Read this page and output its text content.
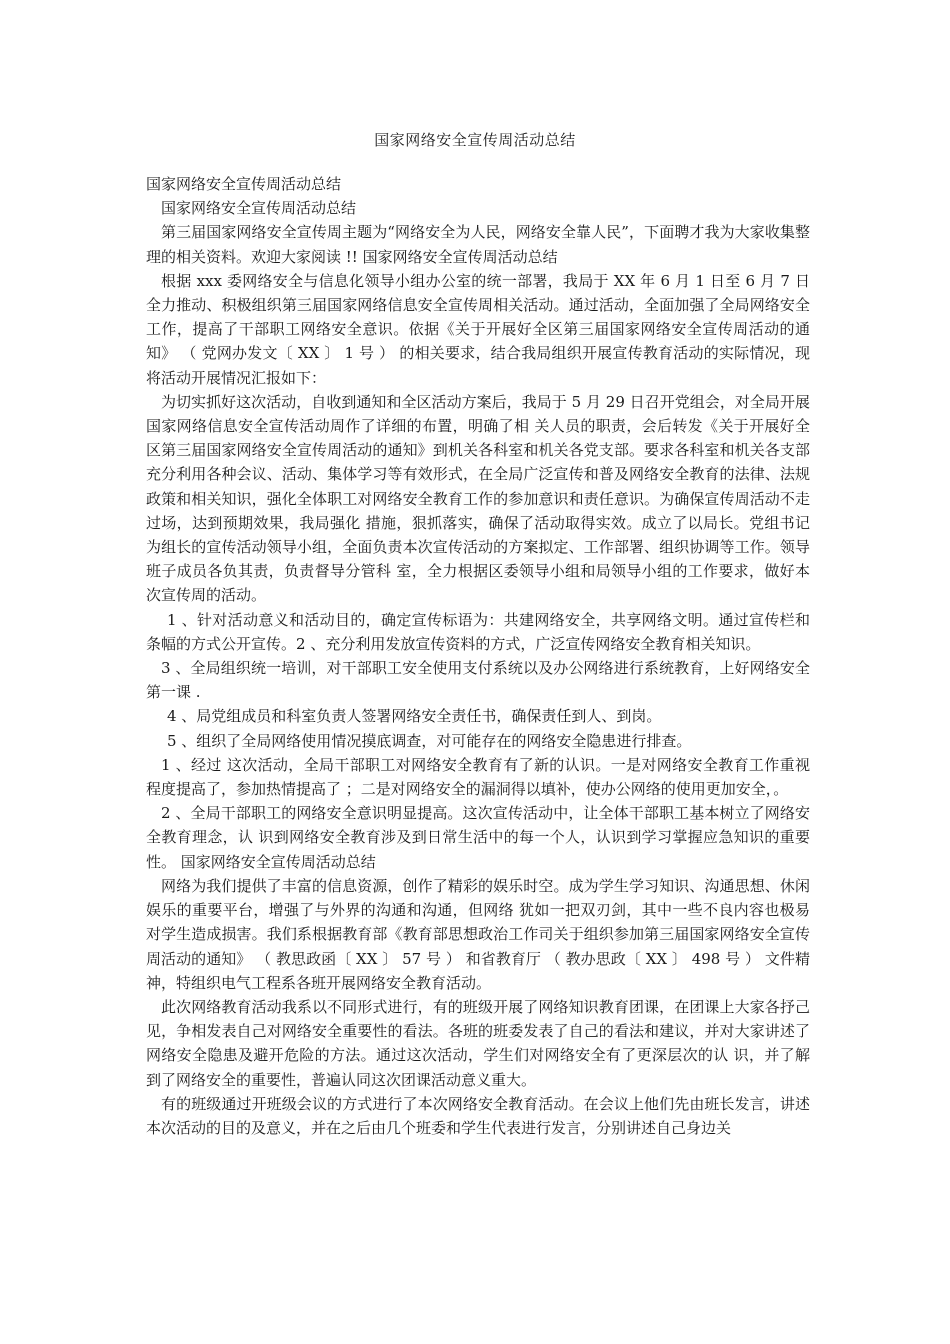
国家网络安全宣传周活动总结

国家网络安全宣传周活动总结

国家网络安全宣传周活动总结

第三届国家网络安全宣传周主题为“网络安全为人民，网络安全靠人民”，下面聘才我为大家收集整理的相关资料。欢迎大家阅读 !! 国家网络安全宣传周活动总结

根据 xxx 委网络安全与信息化领导小组办公室的统一部署，我局于 XX 年 6 月 1 日至 6 月 7 日全力推动、积极组织第三届国家网络信息安全宣传周相关活动。通过活动，全面加强了全局网络安全工作，提高了干部职工网络安全意识。依据《关于开展好全区第三届国家网络安全宣传周活动的通知》 （ 党网办发文〔 XX 〕 1 号 ） 的相关要求，结合我局组织开展宣传教育活动的实际情况，现将活动开展情况汇报如下：

为切实抓好这次活动，自收到通知和全区活动方案后，我局于 5 月 29 日召开党组会，对全局开展国家网络信息安全宣传活动周作了详细的布置，明确了相 关人员的职责，会后转发《关于开展好全区第三届国家网络安全宣传周活动的通知》到机关各科室和机关各党支部。要求各科室和机关各支部充分利用各种会议、活动、集体学习等有效形式，在全局广泛宣传和普及网络安全教育的法律、法规政策和相关知识，强化全体职工对网络安全教育工作的参加意识和责任意识。为确保宣传周活动不走过场，达到预期效果，我局强化 措施，狠抓落实，确保了活动取得实效。成立了以局长。党组书记为组长的宣传活动领导小组，全面负责本次宣传活动的方案拟定、工作部署、组织协调等工作。领导班子成员各负其责，负责督导分管科 室，全力根据区委领导小组和局领导小组的工作要求，做好本次宣传周的活动。

1 、针对活动意义和活动目的，确定宣传标语为：共建网络安全，共享网络文明。通过宣传栏和条幅的方式公开宣传。2 、充分利用发放宣传资料的方式，广泛宣传网络安全教育相关知识。

3 、全局组织统一培训，对干部职工安全使用支付系统以及办公网络进行系统教育，上好网络安全第一课 .

4 、局党组成员和科室负责人签署网络安全责任书，确保责任到人、到岗。

5 、组织了全局网络使用情况摸底调查，对可能存在的网络安全隐患进行排查。

1 、经过 这次活动，全局干部职工对网络安全教育有了新的认识。一是对网络安全教育工作重视程度提高了，参加热情提高了 ；二是对网络安全的漏洞得以填补，使办公网络的使用更加安全，。

2 、全局干部职工的网络安全意识明显提高。这次宣传活动中，让全体干部职工基本树立了网络安全教育理念，认 识到网络安全教育涉及到日常生活中的每一个人，认识到学习掌握应急知识的重要性。 国家网络安全宣传周活动总结

网络为我们提供了丰富的信息资源，创作了精彩的娱乐时空。成为学生学习知识、沟通思想、休闲娱乐的重要平台，增强了与外界的沟通和沟通，但网络 犹如一把双刃剑，其中一些不良内容也极易对学生造成损害。我们系根据教育部《教育部思想政治工作司关于组织参加第三届国家网络安全宣传周活动的通知》 （ 教思政函〔 XX 〕 57 号 ） 和省教育厅 （ 教办思政〔 XX 〕 498 号 ） 文件精神，特组织电气工程系各班开展网络安全教育活动。

此次网络教育活动我系以不同形式进行，有的班级开展了网络知识教育团课，在团课上大家各抒己见，争相发表自己对网络安全重要性的看法。各班的班委发表了自己的看法和建议，并对大家讲述了网络安全隐患及避开危险的方法。通过这次活动，学生们对网络安全有了更深层次的认 识，并了解到了网络安全的重要性，普遍认同这次团课活动意义重大。

有的班级通过开班级会议的方式进行了本次网络安全教育活动。在会议上他们先由班长发言，讲述本次活动的目的及意义，并在之后由几个班委和学生代表进行发言，分别讲述自己身边关
